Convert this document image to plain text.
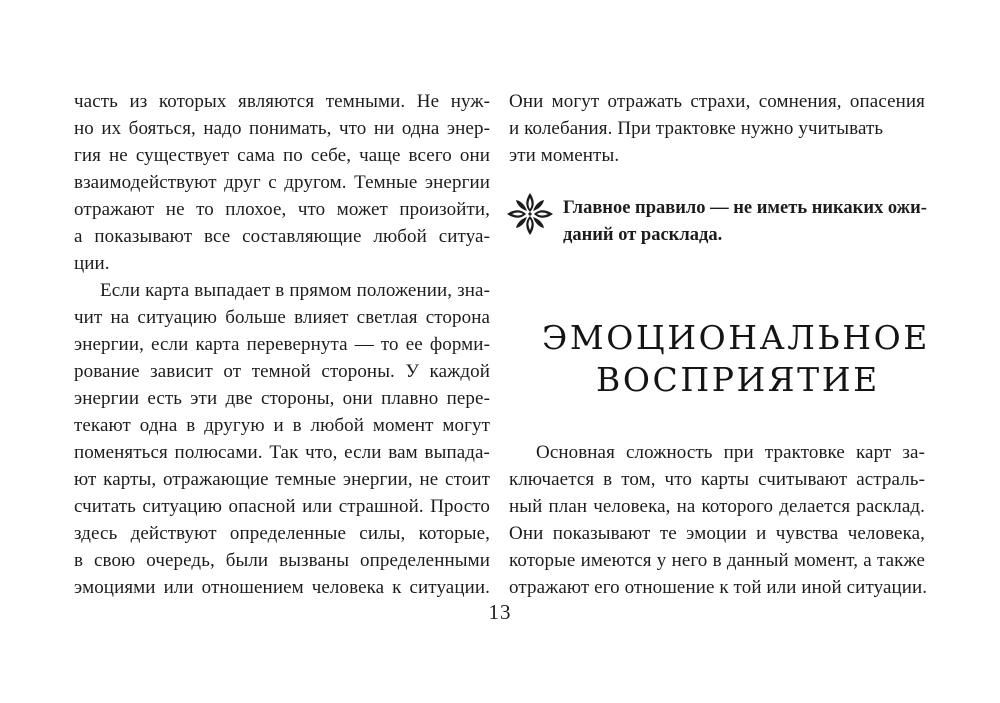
часть из которых являются темными. Не нуж-
но их бояться, надо понимать, что ни одна энер-
гия не существует сама по себе, чаще всего они
взаимодействуют друг с другом. Темные энергии
отражают не то плохое, что может произойти,
а показывают все составляющие любой ситуа-
ции.
Если карта выпадает в прямом положении, зна-
чит на ситуацию больше влияет светлая сторона
энергии, если карта перевернута — то ее форми-
рование зависит от темной стороны. У каждой
энергии есть эти две стороны, они плавно пере-
текают одна в другую и в любой момент могут
поменяться полюсами. Так что, если вам выпада-
ют карты, отражающие темные энергии, не стоит
считать ситуацию опасной или страшной. Просто
здесь действуют определенные силы, которые,
в свою очередь, были вызваны определенными
эмоциями или отношением человека к ситуации.
Они могут отражать страхи, сомнения, опасения
и колебания. При трактовке нужно учитывать
эти моменты.
Главное правило — не иметь никаких ожи-
даний от расклада.
ЭМОЦИОНАЛЬНОЕ
ВОСПРИЯТИЕ
Основная сложность при трактовке карт за-
ключается в том, что карты считывают астраль-
ный план человека, на которого делается расклад.
Они показывают те эмоции и чувства человека,
которые имеются у него в данный момент, а также
отражают его отношение к той или иной ситуации.
13
